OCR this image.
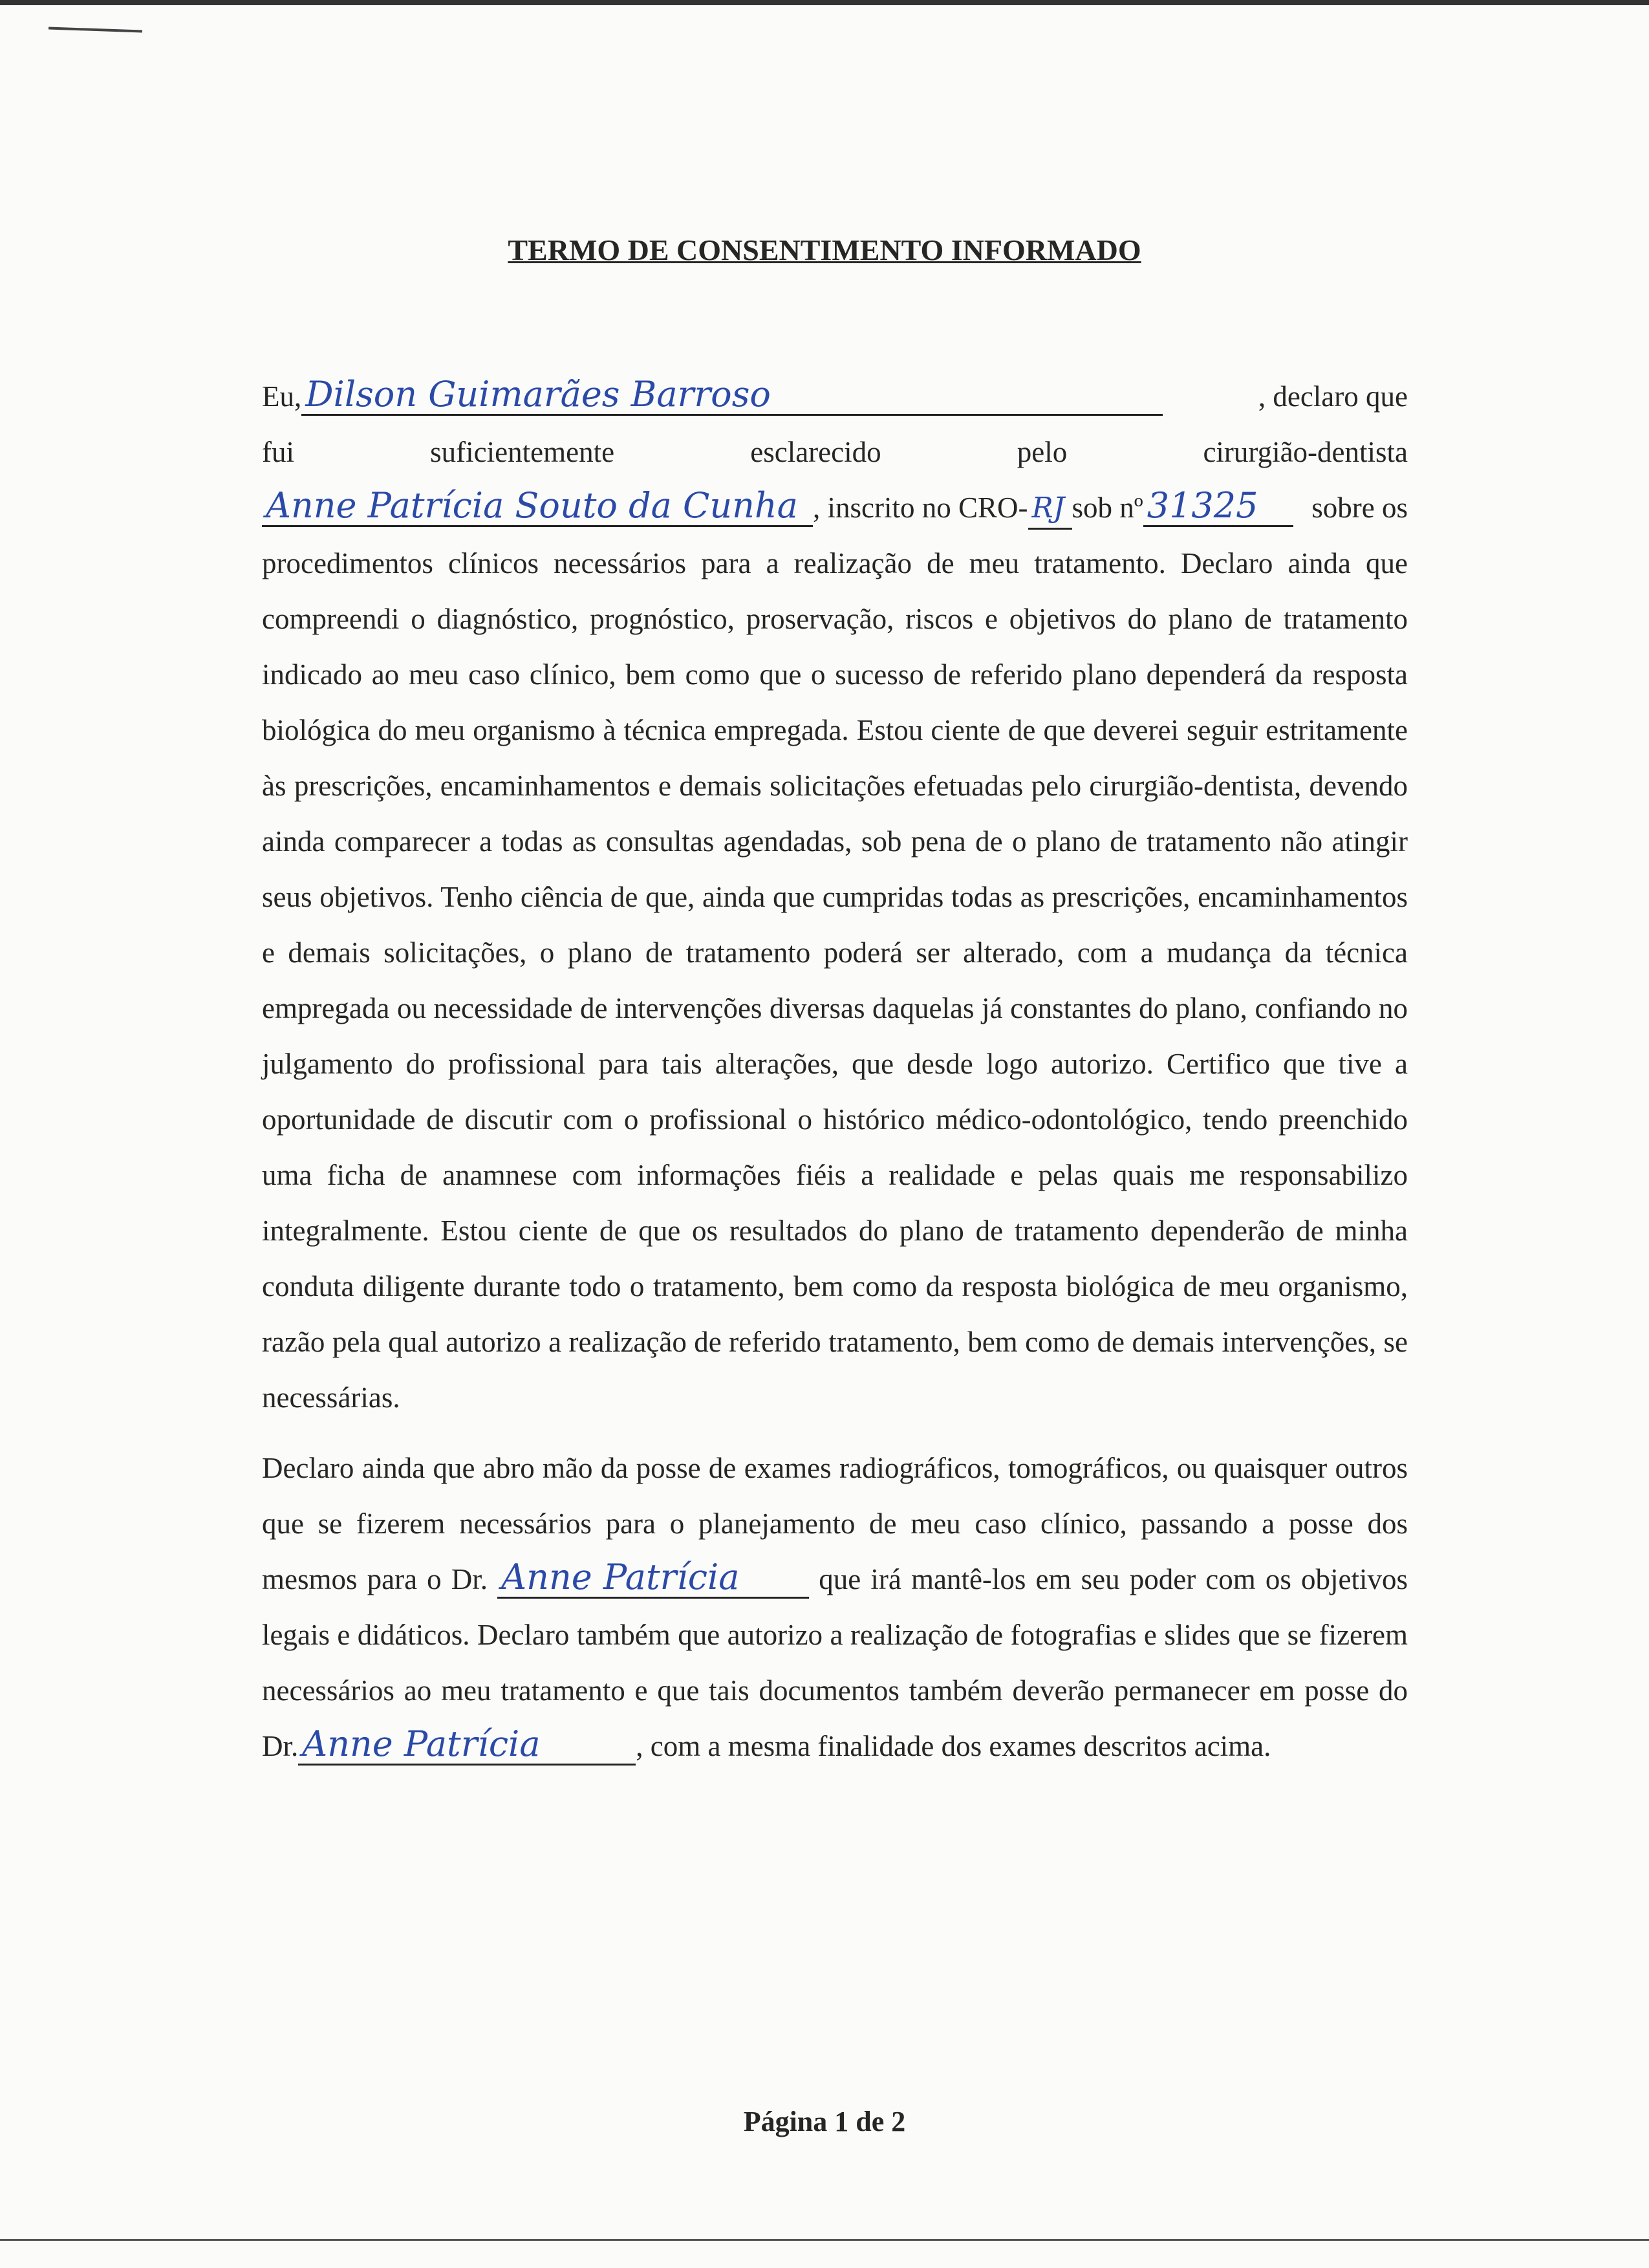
TERMO DE CONSENTIMENTO INFORMADO
Eu, Dilson Guimarães Barroso	, declaro que
fui	suficientemente	esclarecido	pelo	cirurgião-dentista
Anne Patrícia Souto da Cunha , inscrito no CRO- RJ sob nº 31325	sobre os
procedimentos clínicos necessários para a realização de meu tratamento. Declaro ainda que compreendi o diagnóstico, prognóstico, proservação, riscos e objetivos do plano de tratamento indicado ao meu caso clínico, bem como que o sucesso de referido plano dependerá da resposta biológica do meu organismo à técnica empregada. Estou ciente de que deverei seguir estritamente às prescrições, encaminhamentos e demais solicitações efetuadas pelo cirurgião-dentista, devendo ainda comparecer a todas as consultas agendadas, sob pena de o plano de tratamento não atingir seus objetivos. Tenho ciência de que, ainda que cumpridas todas as prescrições, encaminhamentos e demais solicitações, o plano de tratamento poderá ser alterado, com a mudança da técnica empregada ou necessidade de intervenções diversas daquelas já constantes do plano, confiando no julgamento do profissional para tais alterações, que desde logo autorizo. Certifico que tive a oportunidade de discutir com o profissional o histórico médico-odontológico, tendo preenchido uma ficha de anamnese com informações fiéis a realidade e pelas quais me responsabilizo integralmente. Estou ciente de que os resultados do plano de tratamento dependerão de minha conduta diligente durante todo o tratamento, bem como da resposta biológica de meu organismo, razão pela qual autorizo a realização de referido tratamento, bem como de demais intervenções, se necessárias.
Declaro ainda que abro mão da posse de exames radiográficos, tomográficos, ou quaisquer outros que se fizerem necessários para o planejamento de meu caso clínico, passando a posse dos mesmos para o Dr. Anne Patrícia	que irá mantê-los em seu poder com os objetivos legais e didáticos. Declaro também que autorizo a realização de fotografias e slides que se fizerem necessários ao meu tratamento e que tais documentos também deverão permanecer em posse do Dr. Anne Patrícia	, com a mesma finalidade dos exames descritos acima.
Página 1 de 2
